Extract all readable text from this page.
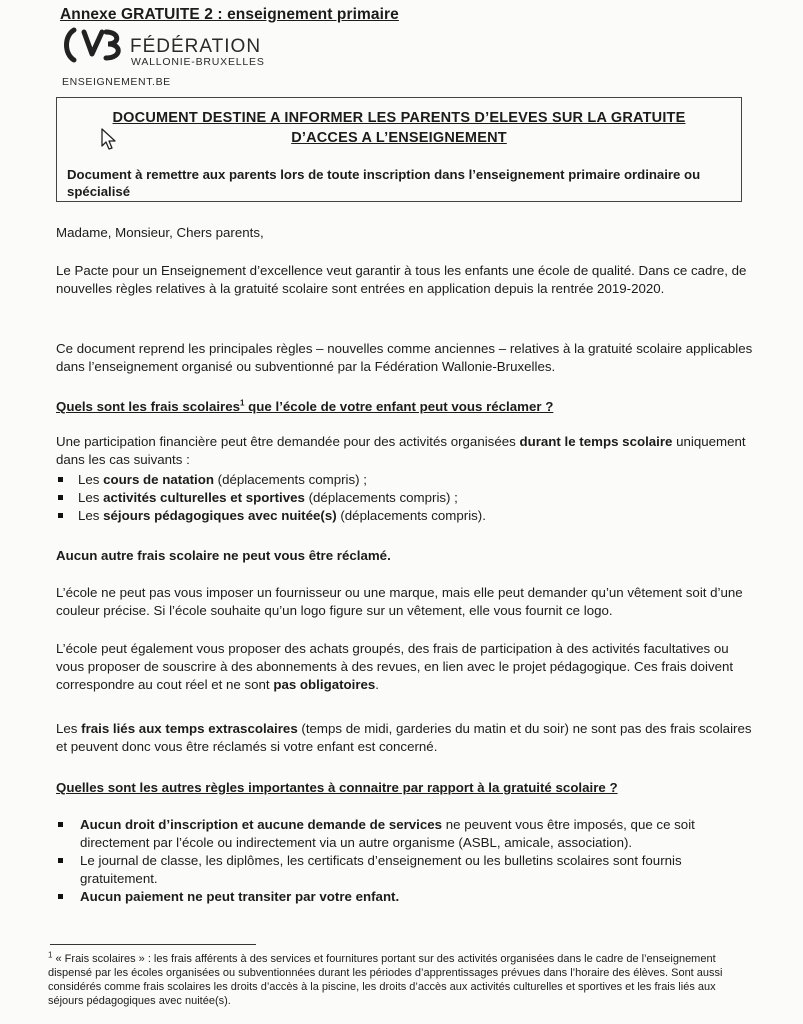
Annexe GRATUITE 2 : enseignement primaire
FÉDÉRATION
WALLONIE-BRUXELLES
ENSEIGNEMENT.BE
DOCUMENT DESTINE A INFORMER LES PARENTS D’ELEVES SUR LA GRATUITE
D’ACCES A L’ENSEIGNEMENT
Document à remettre aux parents lors de toute inscription dans l’enseignement primaire ordinaire ou spécialisé
Madame, Monsieur, Chers parents,
Le Pacte pour un Enseignement d’excellence veut garantir à tous les enfants une école de qualité. Dans ce cadre, de nouvelles règles relatives à la gratuité scolaire sont entrées en application depuis la rentrée 2019-2020.
Ce document reprend les principales règles – nouvelles comme anciennes – relatives à la gratuité scolaire applicables dans l’enseignement organisé ou subventionné par la Fédération Wallonie-Bruxelles.
Quels sont les frais scolaires$^1$ que l’école de votre enfant peut vous réclamer ?
Une participation financière peut être demandée pour des activités organisées durant le temps scolaire uniquement dans les cas suivants :
Les cours de natation (déplacements compris) ;
Les activités culturelles et sportives (déplacements compris) ;
Les séjours pédagogiques avec nuitée(s) (déplacements compris).
Aucun autre frais scolaire ne peut vous être réclamé.
L’école ne peut pas vous imposer un fournisseur ou une marque, mais elle peut demander qu’un vêtement soit d’une couleur précise. Si l’école souhaite qu’un logo figure sur un vêtement, elle vous fournit ce logo.
L’école peut également vous proposer des achats groupés, des frais de participation à des activités facultatives ou vous proposer de souscrire à des abonnements à des revues, en lien avec le projet pédagogique. Ces frais doivent correspondre au cout réel et ne sont pas obligatoires.
Les frais liés aux temps extrascolaires (temps de midi, garderies du matin et du soir) ne sont pas des frais scolaires et peuvent donc vous être réclamés si votre enfant est concerné.
Quelles sont les autres règles importantes à connaitre par rapport à la gratuité scolaire ?
Aucun droit d’inscription et aucune demande de services ne peuvent vous être imposés, que ce soit directement par l’école ou indirectement via un autre organisme (ASBL, amicale, association).
Le journal de classe, les diplômes, les certificats d’enseignement ou les bulletins scolaires sont fournis gratuitement.
Aucun paiement ne peut transiter par votre enfant.
$^1$ « Frais scolaires » : les frais afférents à des services et fournitures portant sur des activités organisées dans le cadre de l’enseignement dispensé par les écoles organisées ou subventionnées durant les périodes d’apprentissages prévues dans l’horaire des élèves. Sont aussi considérés comme frais scolaires les droits d’accès à la piscine, les droits d’accès aux activités culturelles et sportives et les frais liés aux séjours pédagogiques avec nuitée(s).
